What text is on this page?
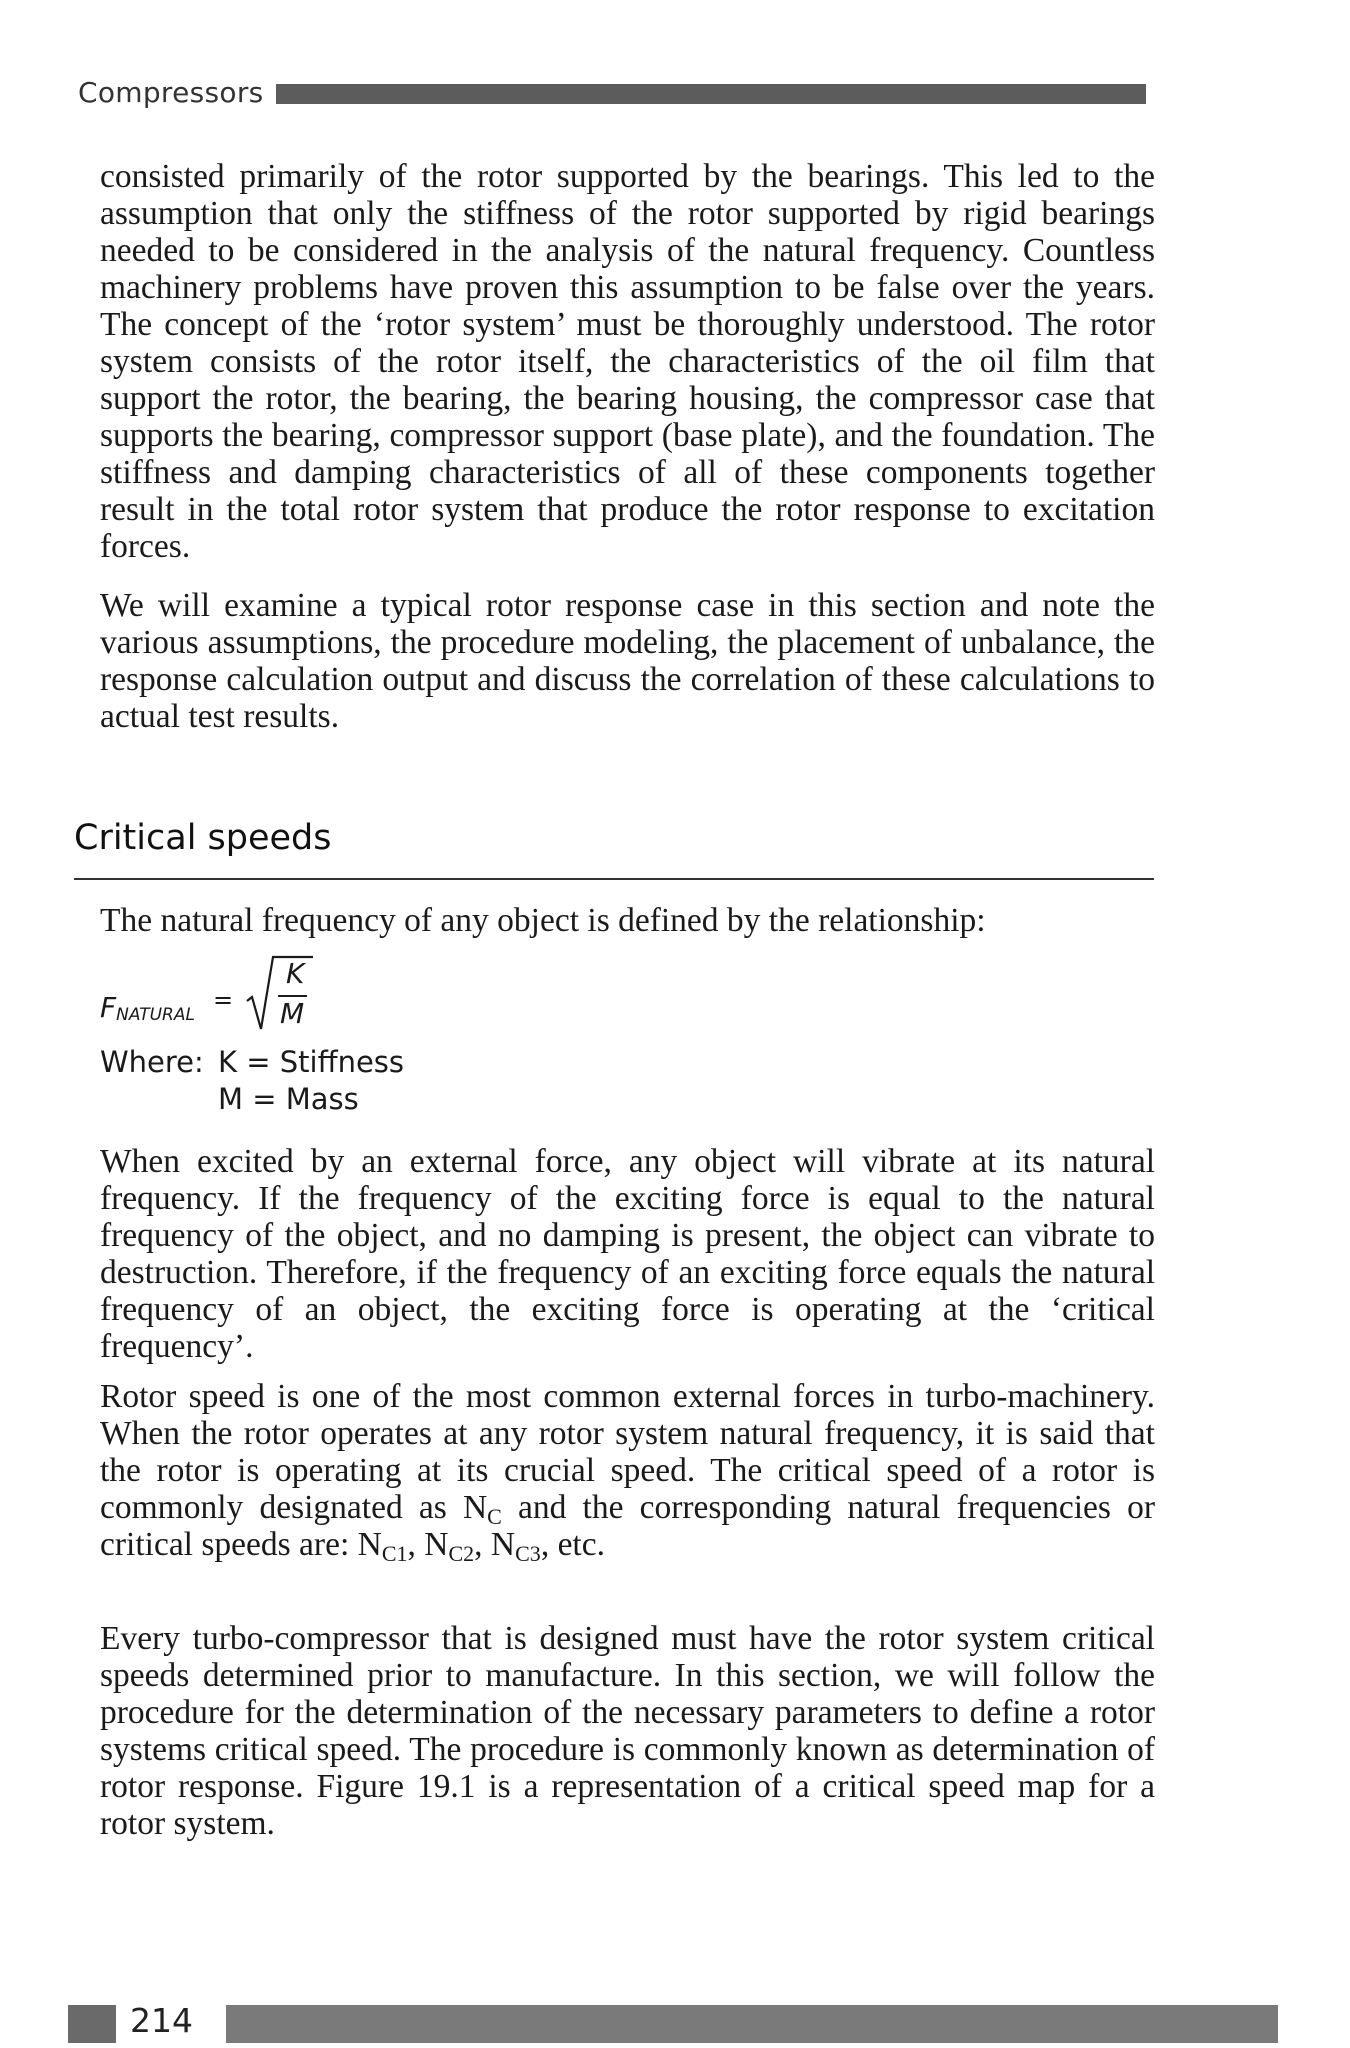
Compressors

consisted primarily of the rotor supported by the bearings. This led to the assumption that only the stiffness of the rotor supported by rigid bearings needed to be considered in the analysis of the natural frequency. Countless machinery problems have proven this assumption to be false over the years. The concept of the ‘rotor system’ must be thoroughly understood. The rotor system consists of the rotor itself, the characteristics of the oil film that support the rotor, the bearing, the bearing housing, the compressor case that supports the bearing, compressor support (base plate), and the foundation. The stiffness and damping characteristics of all of these components together result in the total rotor system that produce the rotor response to excitation forces.

We will examine a typical rotor response case in this section and note the various assumptions, the procedure modeling, the placement of unbalance, the response calculation output and discuss the correlation of these calculations to actual test results.

Critical speeds

The natural frequency of any object is defined by the relationship:

$F_{NATURAL}$
=
K
M
Where: K = Stiffness
M = Mass

When excited by an external force, any object will vibrate at its natural frequency. If the frequency of the exciting force is equal to the natural frequency of the object, and no damping is present, the object can vibrate to destruction. Therefore, if the frequency of an exciting force equals the natural frequency of an object, the exciting force is operating at the ‘critical frequency’.

Rotor speed is one of the most common external forces in turbo-machinery. When the rotor operates at any rotor system natural frequency, it is said that the rotor is operating at its crucial speed. The critical speed of a rotor is commonly designated as $N_C$ and the corresponding natural frequencies or critical speeds are: $N_{C1}$, $N_{C2}$, $N_{C3}$, etc.

Every turbo-compressor that is designed must have the rotor system critical speeds determined prior to manufacture. In this section, we will follow the procedure for the determination of the necessary parameters to define a rotor systems critical speed. The procedure is commonly known as determination of rotor response. Figure 19.1 is a representation of a critical speed map for a rotor system.

214
